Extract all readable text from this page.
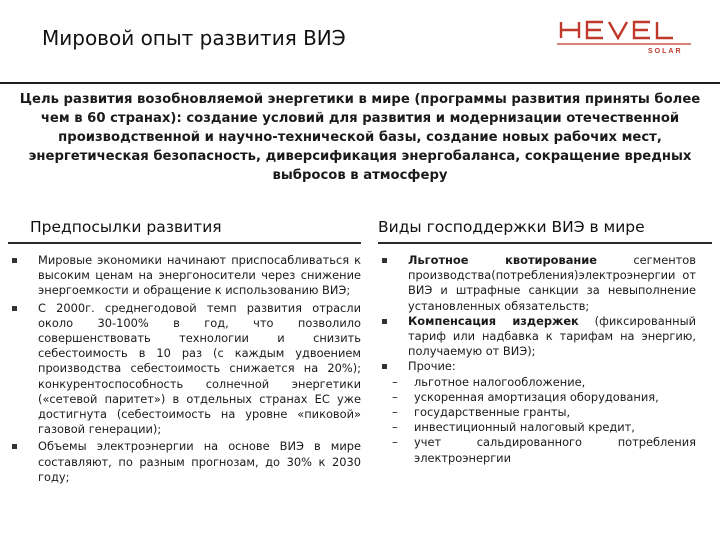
Мировой опыт развития ВИЭ
SOLAR
Цель развития возобновляемой энергетики в мире (программы развития приняты более чем в 60 странах): создание условий для развития и модернизации отечественной производственной и научно-технической базы, создание новых рабочих мест, энергетическая безопасность, диверсификация энергобаланса, сокращение вредных выбросов в атмосферу
Предпосылки развития	Виды господдержки ВИЭ в мире
Мировые экономики начинают приспосабливаться к высоким ценам на энергоносители через снижение энергоемкости и обращение к использованию ВИЭ;
С 2000г. среднегодовой темп развития отрасли около 30-100% в год, что позволило совершенствовать технологии и снизить себестоимость в 10 раз (с каждым удвоением производства себестоимость снижается на 20%); конкурентоспособность солнечной энергетики («сетевой паритет») в отдельных странах ЕС уже достигнута (себестоимость на уровне «пиковой» газовой генерации);
Объемы электроэнергии на основе ВИЭ в мире составляют, по разным прогнозам, до 30% к 2030 году;
Льготное квотирование сегментов производства(потребления)электроэнергии от ВИЭ и штрафные санкции за невыполнение установленных обязательств;
Компенсация издержек (фиксированный тариф или надбавка к тарифам на энергию, получаемую от ВИЭ);
Прочие:
– льготное налогообложение,
– ускоренная амортизация оборудования,
– государственные гранты,
– инвестиционный налоговый кредит,
– учет сальдированного потребления электроэнергии
